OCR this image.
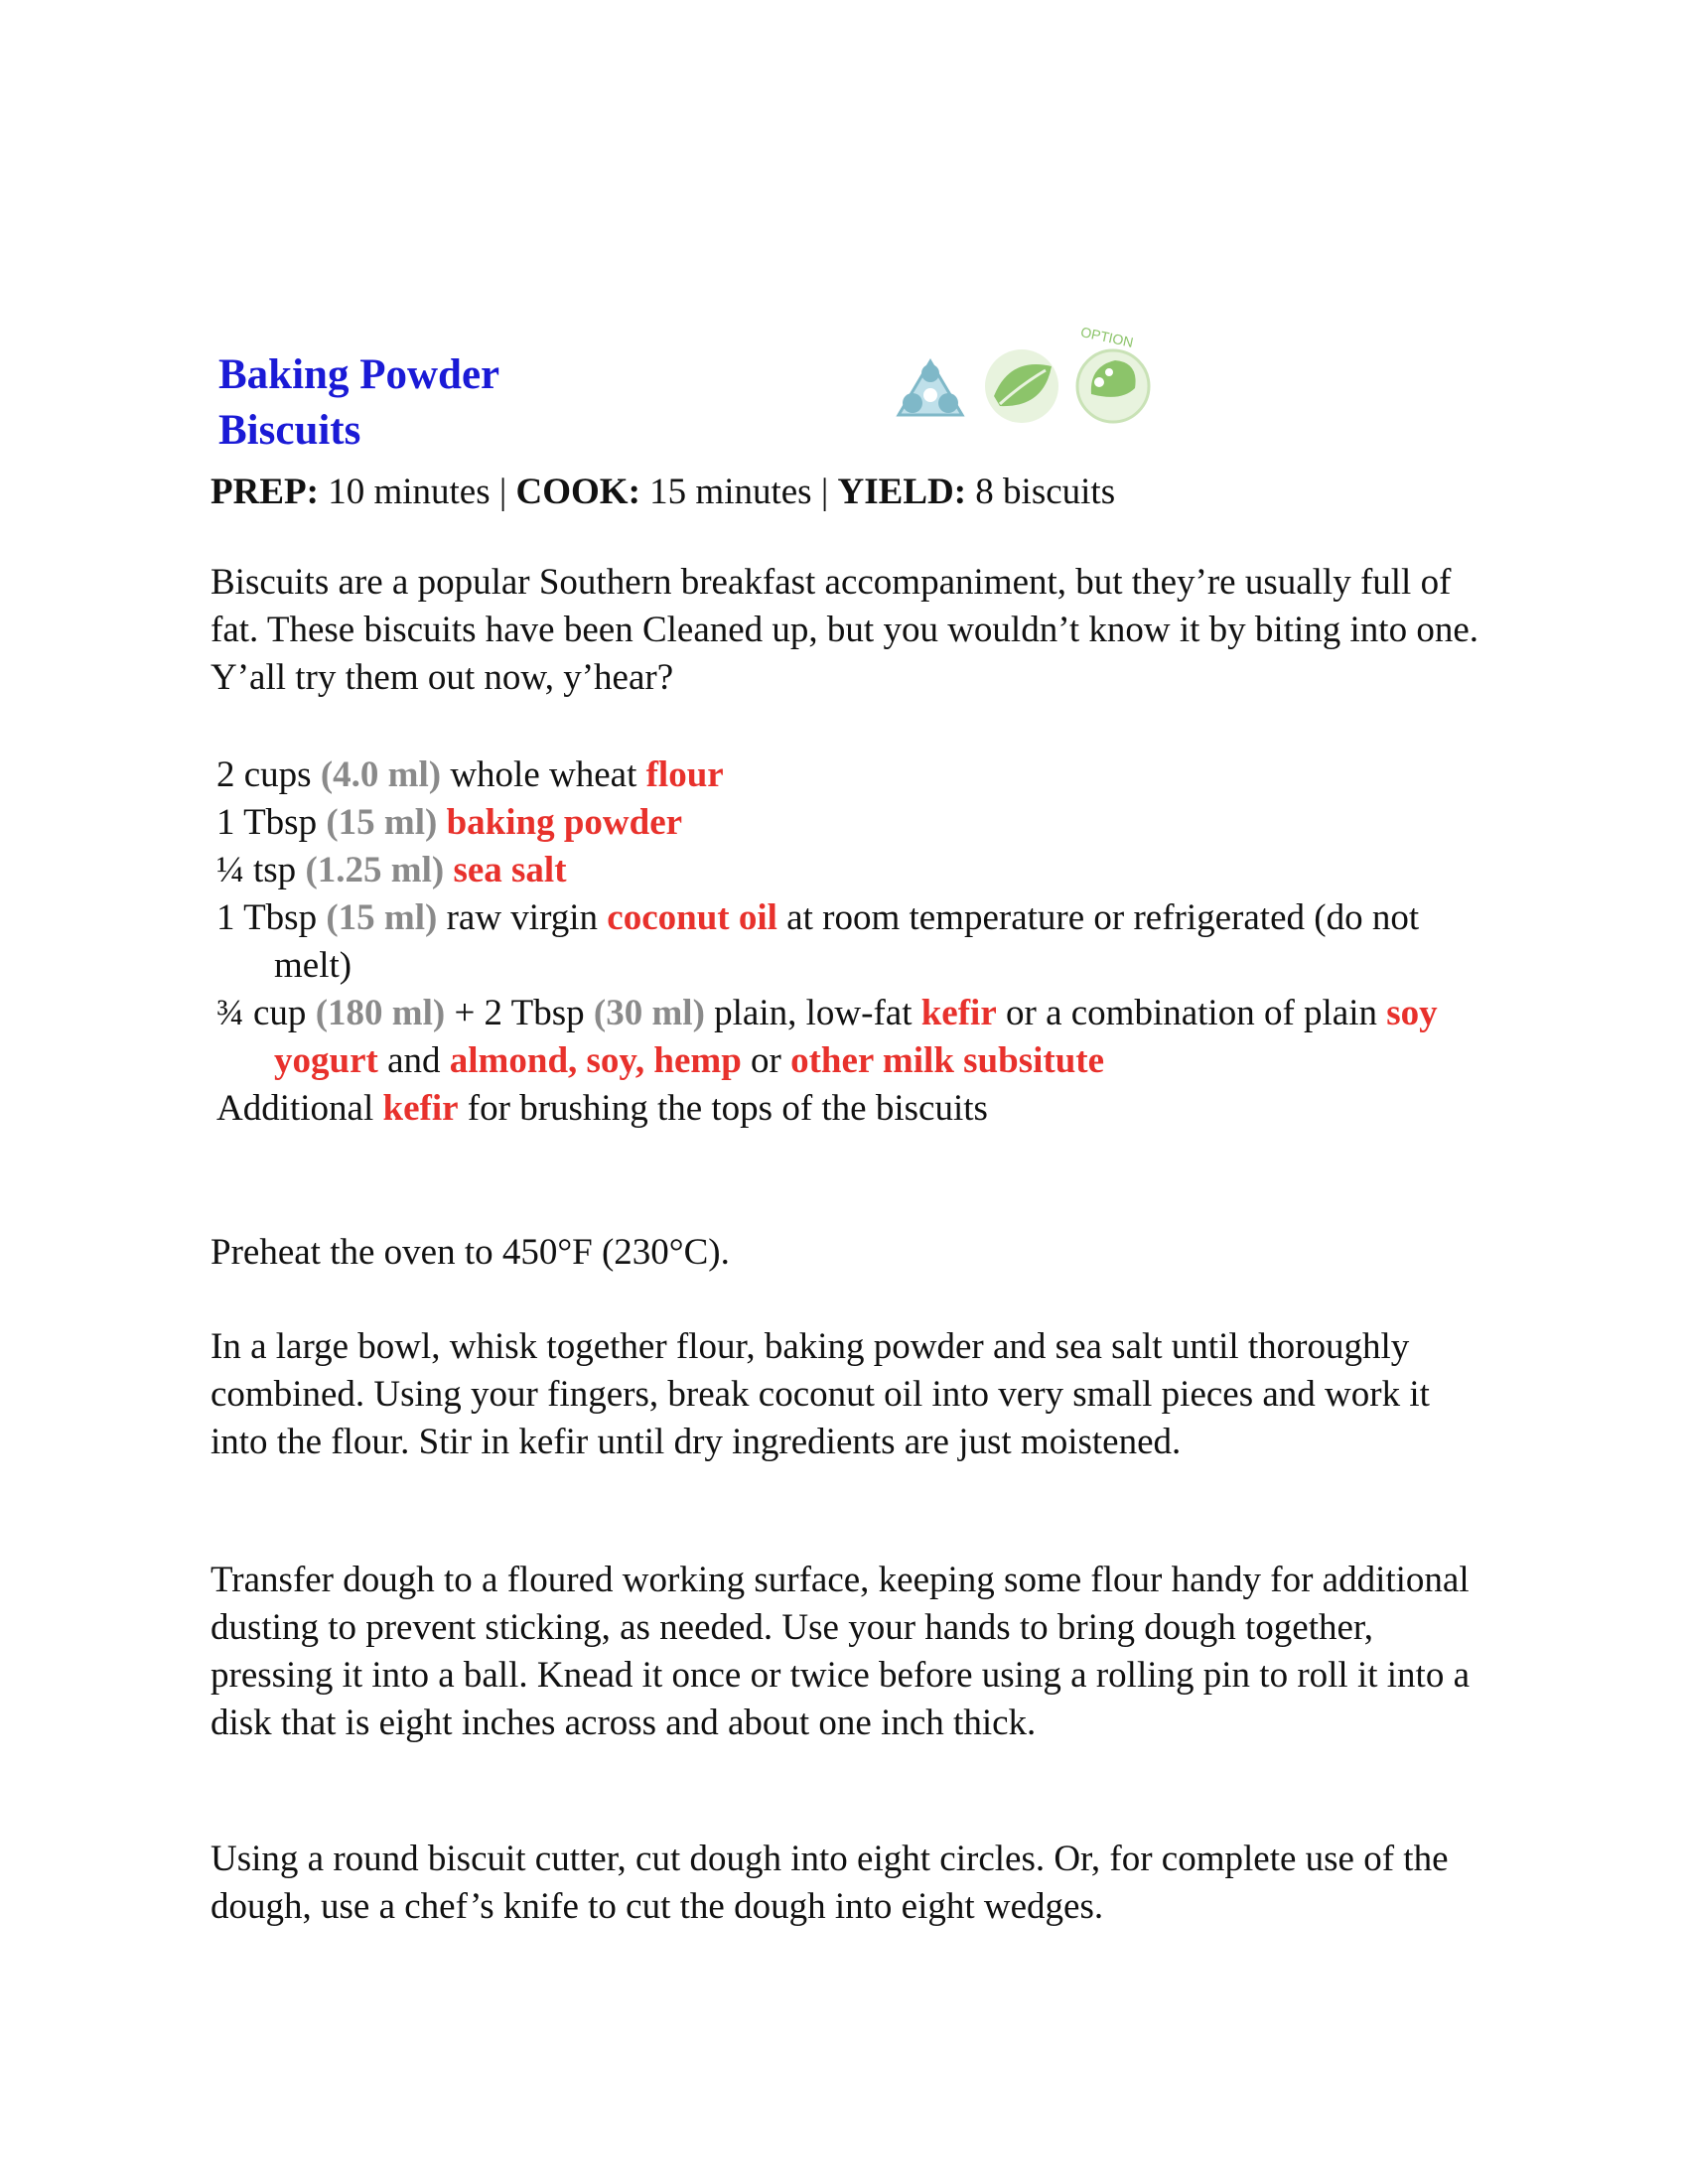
Baking Powder
Biscuits
OPTION
PREP: 10 minutes | COOK: 15 minutes | YIELD: 8 biscuits

Biscuits are a popular Southern breakfast accompaniment, but they’re usually full of fat. These biscuits have been Cleaned up, but you wouldn’t know it by biting into one. Y’all try them out now, y’hear?

2 cups (4.0 ml) whole wheat flour
1 Tbsp (15 ml) baking powder
¼ tsp (1.25 ml) sea salt
1 Tbsp (15 ml) raw virgin coconut oil at room temperature or refrigerated (do not melt)
¾ cup (180 ml) + 2 Tbsp (30 ml) plain, low-fat kefir or a combination of plain soy yogurt and almond, soy, hemp or other milk subsitute
Additional kefir for brushing the tops of the biscuits

Preheat the oven to 450°F (230°C).

In a large bowl, whisk together flour, baking powder and sea salt until thoroughly combined. Using your fingers, break coconut oil into very small pieces and work it into the flour. Stir in kefir until dry ingredients are just moistened.

Transfer dough to a floured working surface, keeping some flour handy for additional dusting to prevent sticking, as needed. Use your hands to bring dough together, pressing it into a ball. Knead it once or twice before using a rolling pin to roll it into a disk that is eight inches across and about one inch thick.

Using a round biscuit cutter, cut dough into eight circles. Or, for complete use of the dough, use a chef’s knife to cut the dough into eight wedges.
